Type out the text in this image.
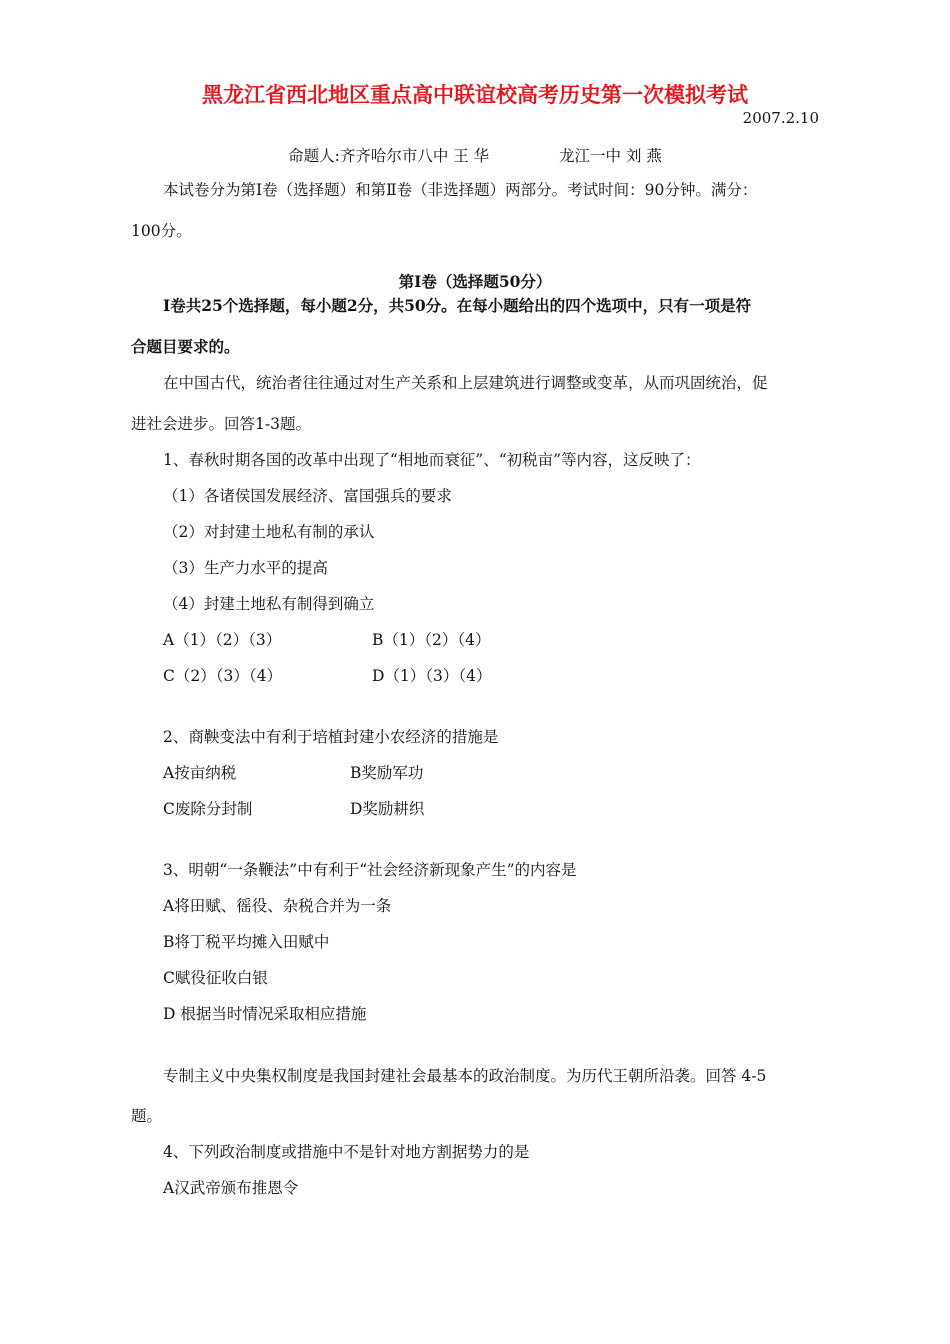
黑龙江省西北地区重点高中联谊校高考历史第一次模拟考试
2007.2.10
命题人:齐齐哈尔市八中 王 华	龙江一中 刘 燕
本试卷分为第Ⅰ卷（选择题）和第Ⅱ卷（非选择题）两部分。考试时间：90分钟。满分：
100分。
第Ⅰ卷（选择题50分）
Ⅰ卷共25个选择题，每小题2分，共50分。在每小题给出的四个选项中，只有一项是符
合题目要求的。
在中国古代，统治者往往通过对生产关系和上层建筑进行调整或变革，从而巩固统治，促
进社会进步。回答1-3题。
1、春秋时期各国的改革中出现了“相地而衰征”、“初税亩”等内容，这反映了：
（1）各诸侯国发展经济、富国强兵的要求
（2）对封建土地私有制的承认
（3）生产力水平的提高
（4）封建土地私有制得到确立
A（1）（2）（3）	B（1）（2）（4）
C（2）（3）（4）	D（1）（3）（4）
2、商鞅变法中有利于培植封建小农经济的措施是
A按亩纳税	B奖励军功
C废除分封制	D奖励耕织
3、明朝“一条鞭法”中有利于“社会经济新现象产生”的内容是
A将田赋、徭役、杂税合并为一条
B将丁税平均摊入田赋中
C赋役征收白银
D 根据当时情况采取相应措施
专制主义中央集权制度是我国封建社会最基本的政治制度。为历代王朝所沿袭。回答 4-5
题。
4、下列政治制度或措施中不是针对地方割据势力的是
A汉武帝颁布推恩令
